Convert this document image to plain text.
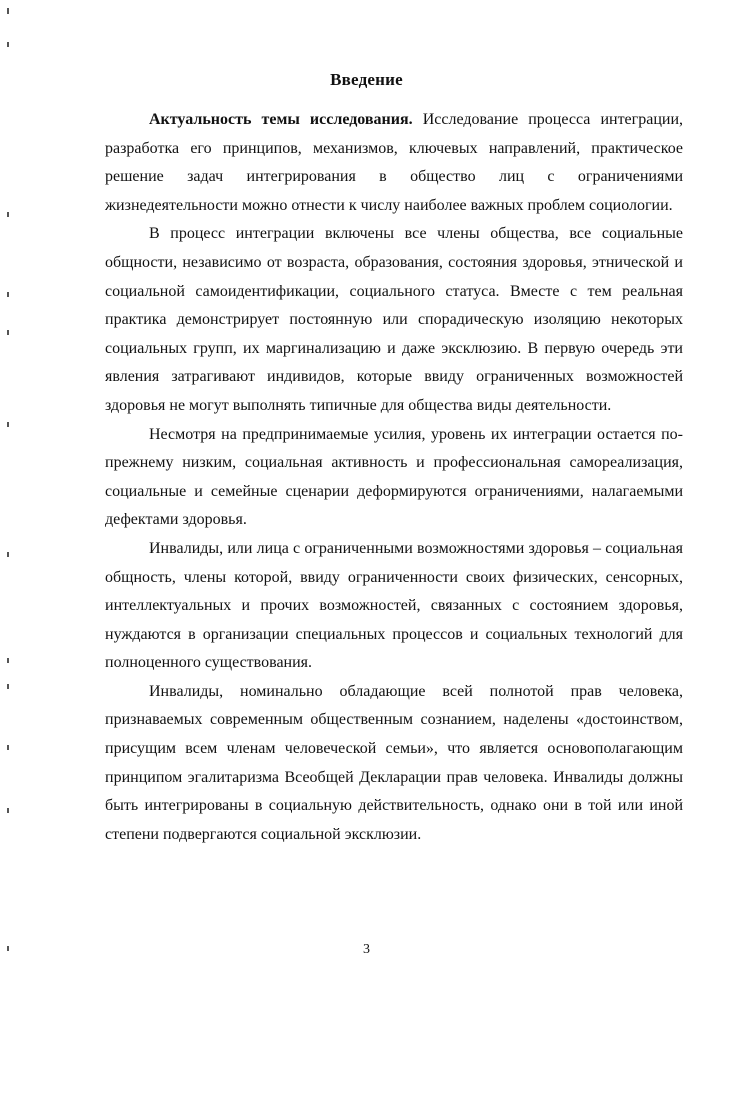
Введение

Актуальность темы исследования. Исследование процесса интеграции, разработка его принципов, механизмов, ключевых направлений, практическое решение задач интегрирования в общество лиц с ограничениями жизнедеятельности можно отнести к числу наиболее важных проблем социологии.

В процесс интеграции включены все члены общества, все социальные общности, независимо от возраста, образования, состояния здоровья, этнической и социальной самоидентификации, социального статуса. Вместе с тем реальная практика демонстрирует постоянную или спорадическую изоляцию некоторых социальных групп, их маргинализацию и даже эксклюзию. В первую очередь эти явления затрагивают индивидов, которые ввиду ограниченных возможностей здоровья не могут выполнять типичные для общества виды деятельности.

Несмотря на предпринимаемые усилия, уровень их интеграции остается по-прежнему низким, социальная активность и профессиональная самореализация, социальные и семейные сценарии деформируются ограничениями, налагаемыми дефектами здоровья.

Инвалиды, или лица с ограниченными возможностями здоровья – социальная общность, члены которой, ввиду ограниченности своих физических, сенсорных, интеллектуальных и прочих возможностей, связанных с состоянием здоровья, нуждаются в организации специальных процессов и социальных технологий для полноценного существования.

Инвалиды, номинально обладающие всей полнотой прав человека, признаваемых современным общественным сознанием, наделены «достоинством, присущим всем членам человеческой семьи», что является основополагающим принципом эгалитаризма Всеобщей Декларации прав человека. Инвалиды должны быть интегрированы в социальную действительность, однако они в той или иной степени подвергаются социальной эксклюзии.

3
